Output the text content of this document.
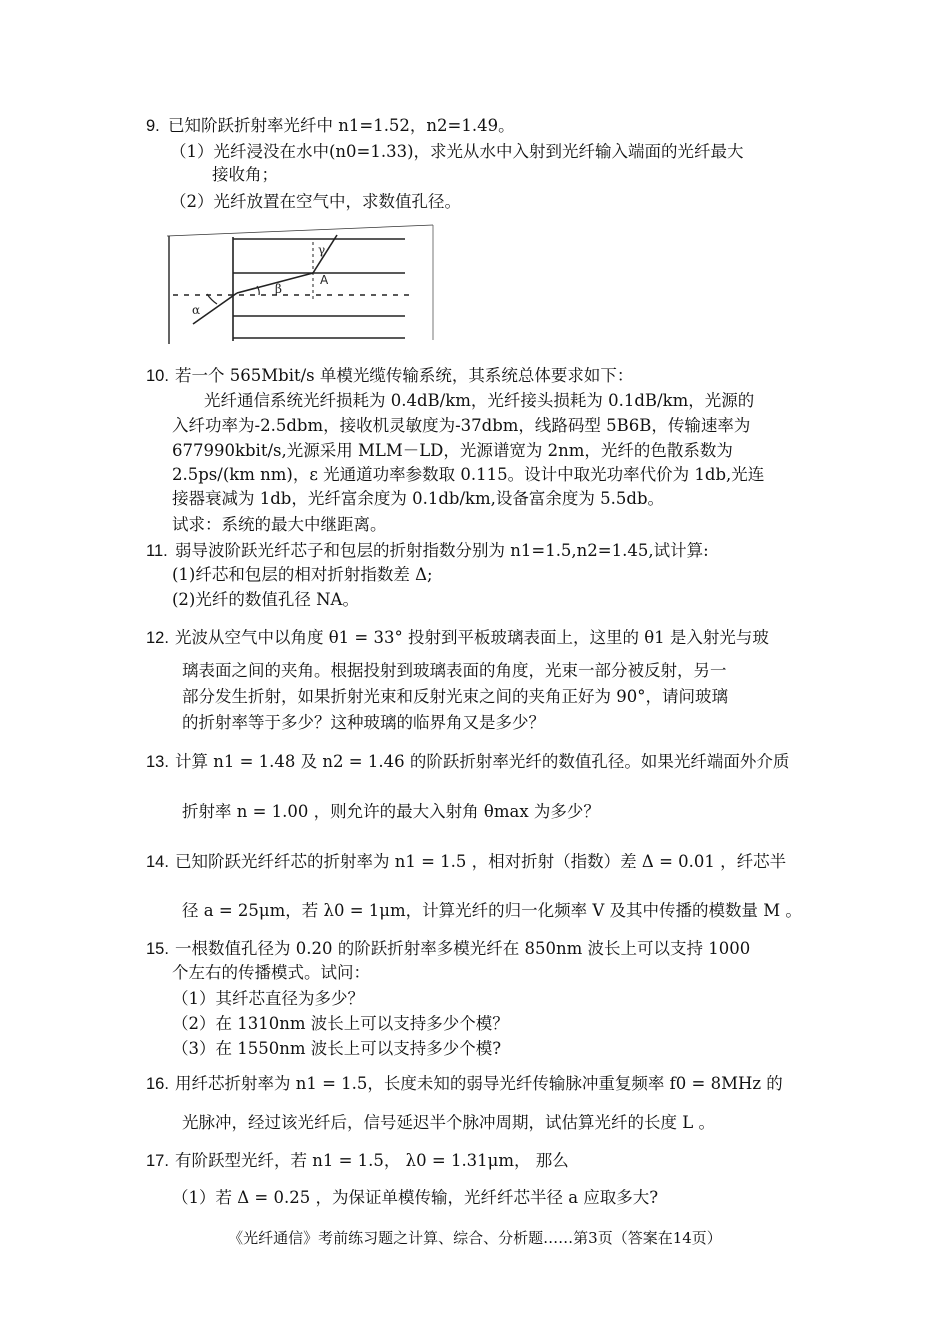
9. 已知阶跃折射率光纤中 n1=1.52，n2=1.49。
（1）光纤浸没在水中(n0=1.33)，求光从水中入射到光纤输入端面的光纤最大
接收角；
（2）光纤放置在空气中，求数值孔径。
γ
A
β
α
10. 若一个 565Mbit/s 单模光缆传输系统，其系统总体要求如下：
光纤通信系统光纤损耗为 0.4dB/km，光纤接头损耗为 0.1dB/km，光源的
入纤功率为-2.5dbm，接收机灵敏度为-37dbm，线路码型 5B6B，传输速率为
677990kbit/s,光源采用 MLM－LD，光源谱宽为 2nm，光纤的色散系数为
2.5ps/(km nm)，ε 光通道功率参数取 0.115。设计中取光功率代价为 1db,光连
接器衰减为 1db，光纤富余度为 0.1db/km,设备富余度为 5.5db。
试求：系统的最大中继距离。
11. 弱导波阶跃光纤芯子和包层的折射指数分别为 n1=1.5,n2=1.45,试计算:
(1)纤芯和包层的相对折射指数差 Δ;
(2)光纤的数值孔径 NA。
12. 光波从空气中以角度 θ1 = 33° 投射到平板玻璃表面上，这里的 θ1 是入射光与玻
璃表面之间的夹角。根据投射到玻璃表面的角度，光束一部分被反射，另一
部分发生折射，如果折射光束和反射光束之间的夹角正好为 90°，请问玻璃
的折射率等于多少？这种玻璃的临界角又是多少？
13. 计算 n1 = 1.48 及 n2 = 1.46 的阶跃折射率光纤的数值孔径。如果光纤端面外介质
折射率 n = 1.00 ，则允许的最大入射角 θmax 为多少？
14. 已知阶跃光纤纤芯的折射率为 n1 = 1.5 ，相对折射（指数）差 Δ = 0.01 ，纤芯半
径 a = 25μm，若 λ0 = 1μm，计算光纤的归一化频率 V 及其中传播的模数量 M 。
15. 一根数值孔径为 0.20 的阶跃折射率多模光纤在 850nm 波长上可以支持 1000
个左右的传播模式。试问：
（1）其纤芯直径为多少？
（2）在 1310nm 波长上可以支持多少个模？
（3）在 1550nm 波长上可以支持多少个模?
16. 用纤芯折射率为 n1 = 1.5，长度未知的弱导光纤传输脉冲重复频率 f0 = 8MHz 的
光脉冲，经过该光纤后，信号延迟半个脉冲周期，试估算光纤的长度 L 。
17. 有阶跃型光纤，若 n1 = 1.5， λ0 = 1.31μm， 那么
（1）若 Δ = 0.25 ，为保证单模传输，光纤纤芯半径 a 应取多大?
《光纤通信》考前练习题之计算、综合、分析题……第3页（答案在14页）
